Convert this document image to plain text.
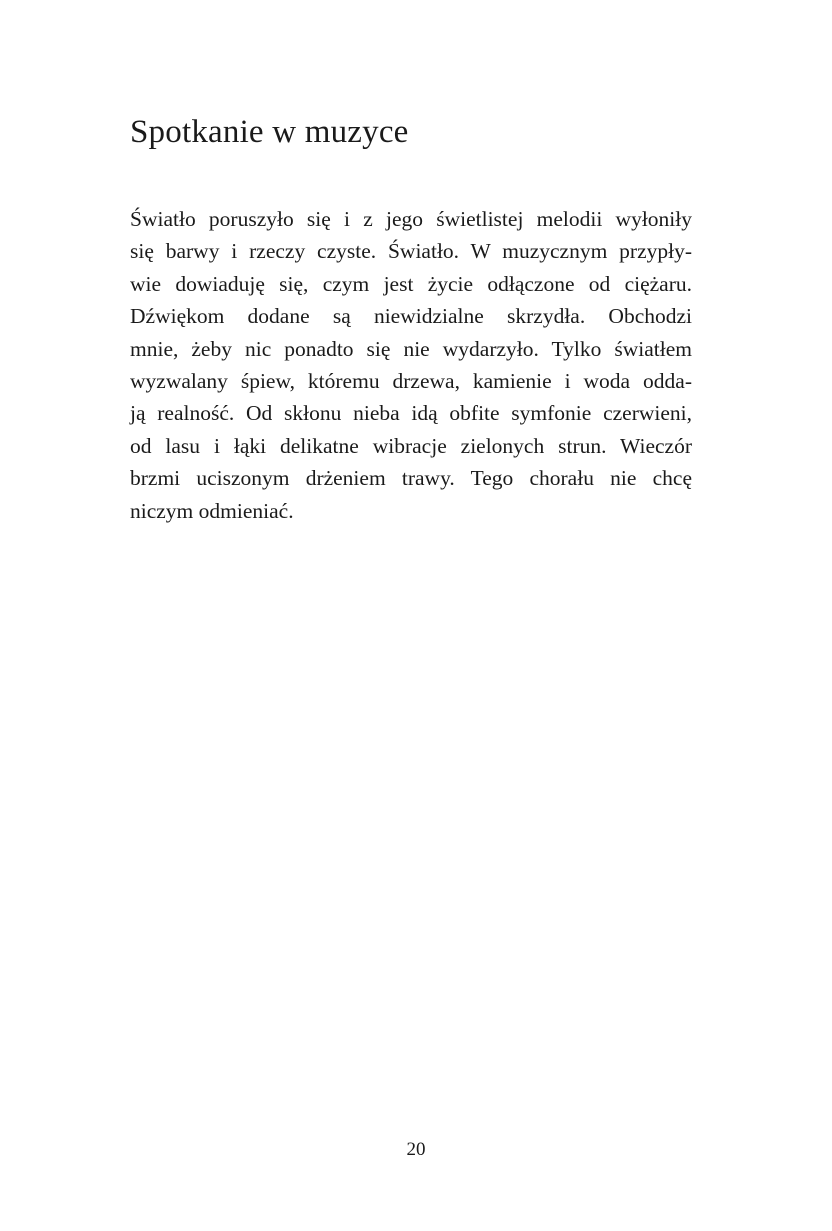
Spotkanie w muzyce
Światło poruszyło się i z jego świetlistej melodii wyłoniły
się barwy i rzeczy czyste. Światło. W muzycznym przypły-
wie dowiaduję się, czym jest życie odłączone od ciężaru.
Dźwiękom dodane są niewidzialne skrzydła. Obchodzi
mnie, żeby nic ponadto się nie wydarzyło. Tylko światłem
wyzwalany śpiew, któremu drzewa, kamienie i woda odda-
ją realność. Od skłonu nieba idą obfite symfonie czerwieni,
od lasu i łąki delikatne wibracje zielonych strun. Wieczór
brzmi uciszonym drżeniem trawy. Tego chorału nie chcę
niczym odmieniać.
20
